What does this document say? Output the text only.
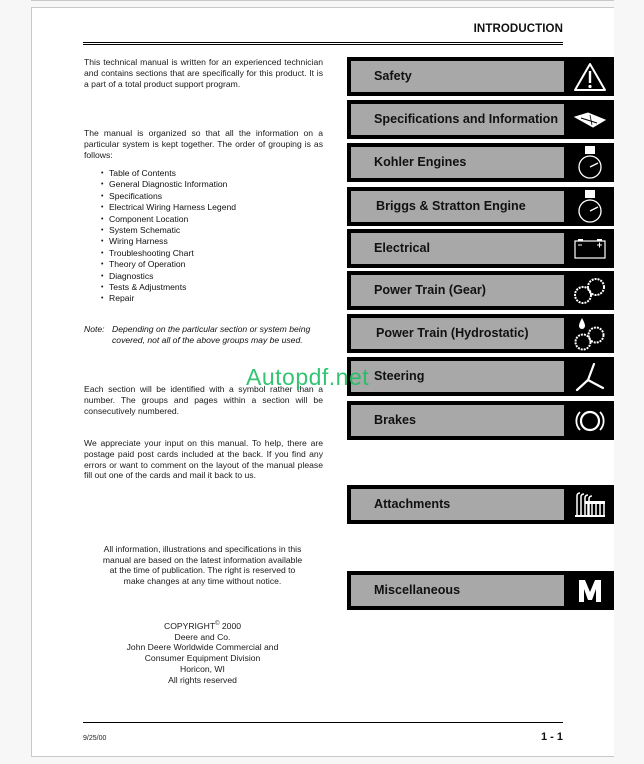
INTRODUCTION
This technical manual is written for an experienced technician and contains sections that are specifically for this product. It is a part of a total product support program.
The manual is organized so that all the information on a particular system is kept together. The order of grouping is as follows:
• Table of Contents
• General Diagnostic Information
• Specifications
• Electrical Wiring Harness Legend
• Component Location
• System Schematic
• Wiring Harness
• Troubleshooting Chart
• Theory of Operation
• Diagnostics
• Tests & Adjustments
• Repair
Note: Depending on the particular section or system being covered, not all of the above groups may be used.
Each section will be identified with a symbol rather than a number. The groups and pages within a section will be consecutively numbered.
We appreciate your input on this manual. To help, there are postage paid post cards included at the back. If you find any errors or want to comment on the layout of the manual please fill out one of the cards and mail it back to us.
All information, illustrations and specifications in this manual are based on the latest information available at the time of publication. The right is reserved to make changes at any time without notice.
COPYRIGHT© 2000
Deere and Co.
John Deere Worldwide Commercial and
Consumer Equipment Division
Horicon, WI
All rights reserved
Safety
Specifications and Information
Kohler Engines
Briggs & Stratton Engine
Electrical
Power Train (Gear)
Power Train (Hydrostatic)
Steering
Brakes
Attachments
Miscellaneous
Autopdf.net
9/25/00	1 - 1
